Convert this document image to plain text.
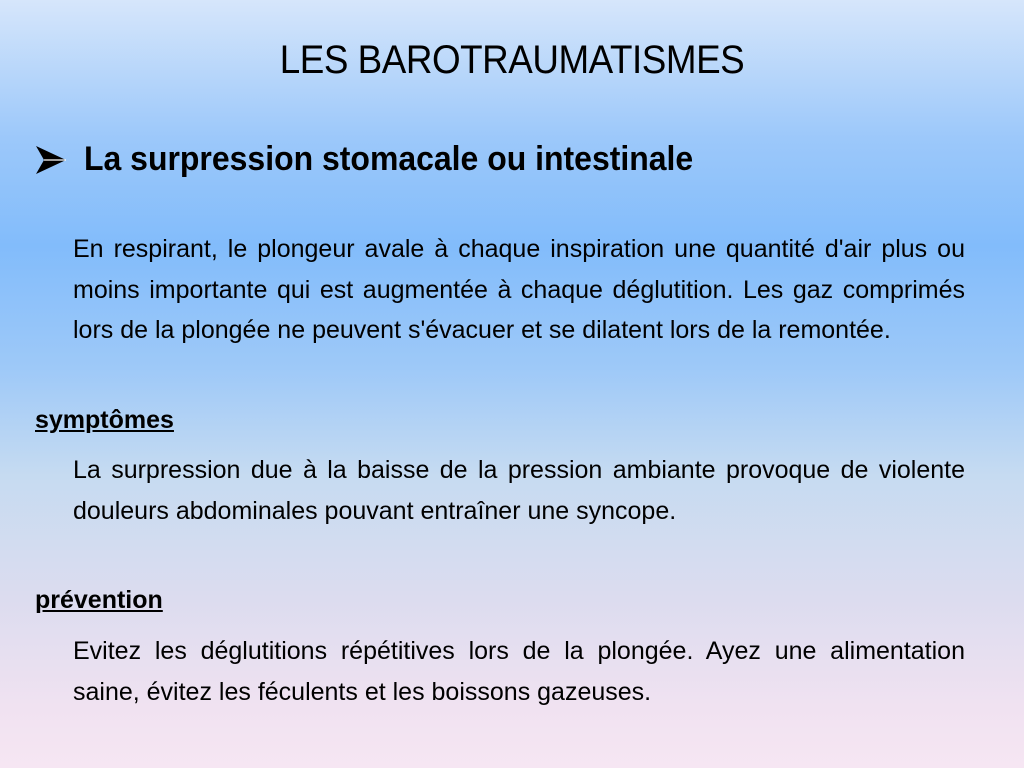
LES BAROTRAUMATISMES
La surpression stomacale ou intestinale

En respirant, le plongeur avale à chaque inspiration une quantité d'air plus ou moins importante qui est augmentée à chaque déglutition. Les gaz comprimés lors de la plongée ne peuvent s'évacuer et se dilatent lors de la remontée.

symptômes

La surpression due à la baisse de la pression ambiante provoque de violente douleurs abdominales pouvant entraîner une syncope.

prévention

Evitez les déglutitions répétitives lors de la plongée. Ayez une alimentation saine, évitez les féculents et les boissons gazeuses.
